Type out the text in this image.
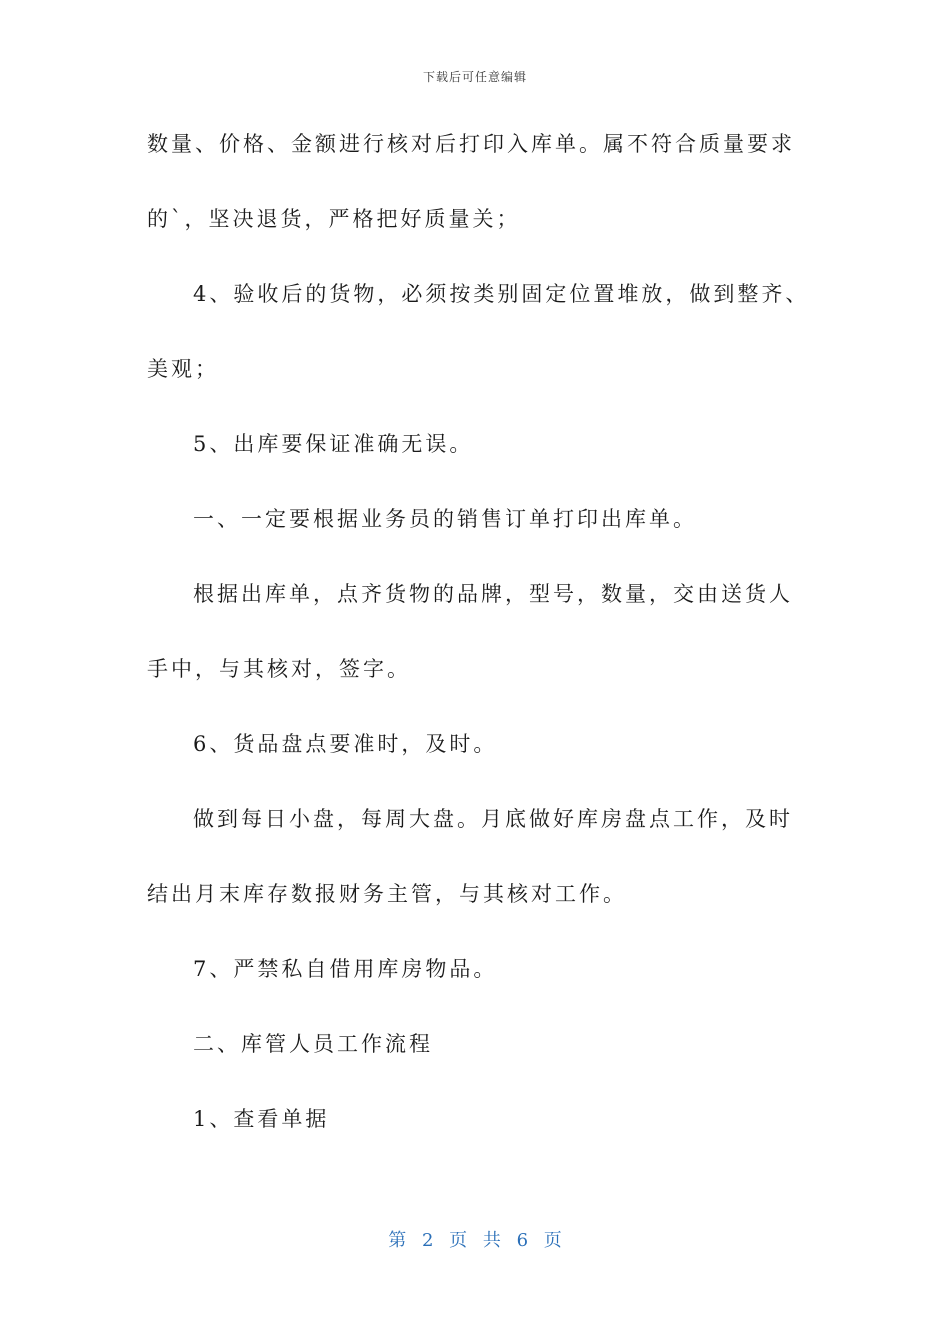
下载后可任意编辑
数量、价格、金额进行核对后打印入库单。属不符合质量要求
的`，坚决退货，严格把好质量关；
4、验收后的货物，必须按类别固定位置堆放，做到整齐、
美观；
5、出库要保证准确无误。
一、一定要根据业务员的销售订单打印出库单。
根据出库单，点齐货物的品牌，型号，数量，交由送货人
手中，与其核对，签字。
6、货品盘点要准时，及时。
做到每日小盘，每周大盘。月底做好库房盘点工作，及时
结出月末库存数报财务主管，与其核对工作。
7、严禁私自借用库房物品。
二、库管人员工作流程
1、查看单据
第 2 页 共 6 页
